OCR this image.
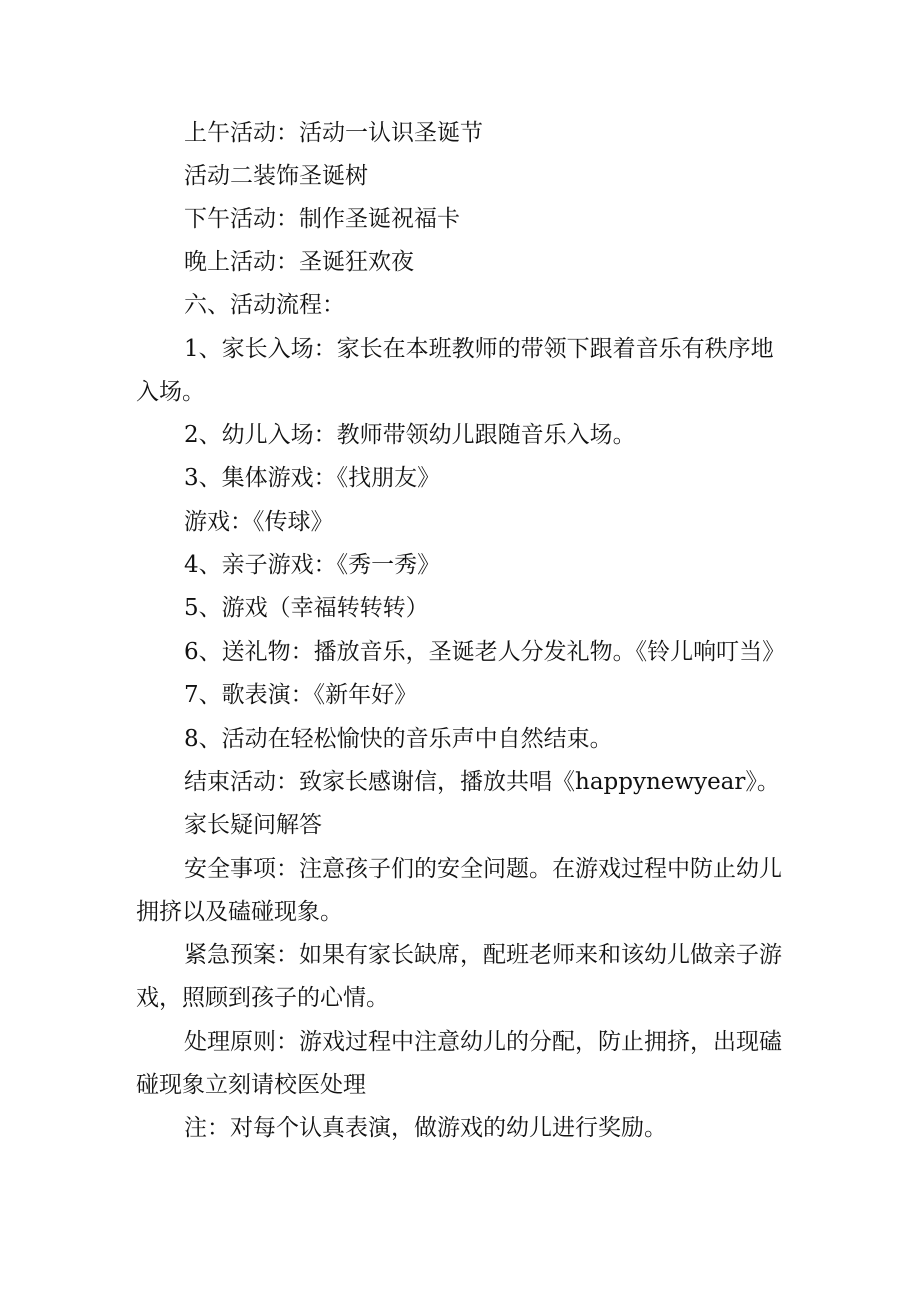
上午活动：活动一认识圣诞节
活动二装饰圣诞树
下午活动：制作圣诞祝福卡
晚上活动：圣诞狂欢夜
六、活动流程：
1、家长入场：家长在本班教师的带领下跟着音乐有秩序地
入场。
2、幼儿入场：教师带领幼儿跟随音乐入场。
3、集体游戏：《找朋友》
游戏：《传球》
4、亲子游戏：《秀一秀》
5、游戏（幸福转转转）
6、送礼物：播放音乐，圣诞老人分发礼物。《铃儿响叮当》
7、歌表演：《新年好》
8、活动在轻松愉快的音乐声中自然结束。
结束活动：致家长感谢信，播放共唱《happynewyear》。
家长疑问解答
安全事项：注意孩子们的安全问题。在游戏过程中防止幼儿
拥挤以及磕碰现象。
紧急预案：如果有家长缺席，配班老师来和该幼儿做亲子游
戏，照顾到孩子的心情。
处理原则：游戏过程中注意幼儿的分配，防止拥挤，出现磕
碰现象立刻请校医处理
注：对每个认真表演，做游戏的幼儿进行奖励。
